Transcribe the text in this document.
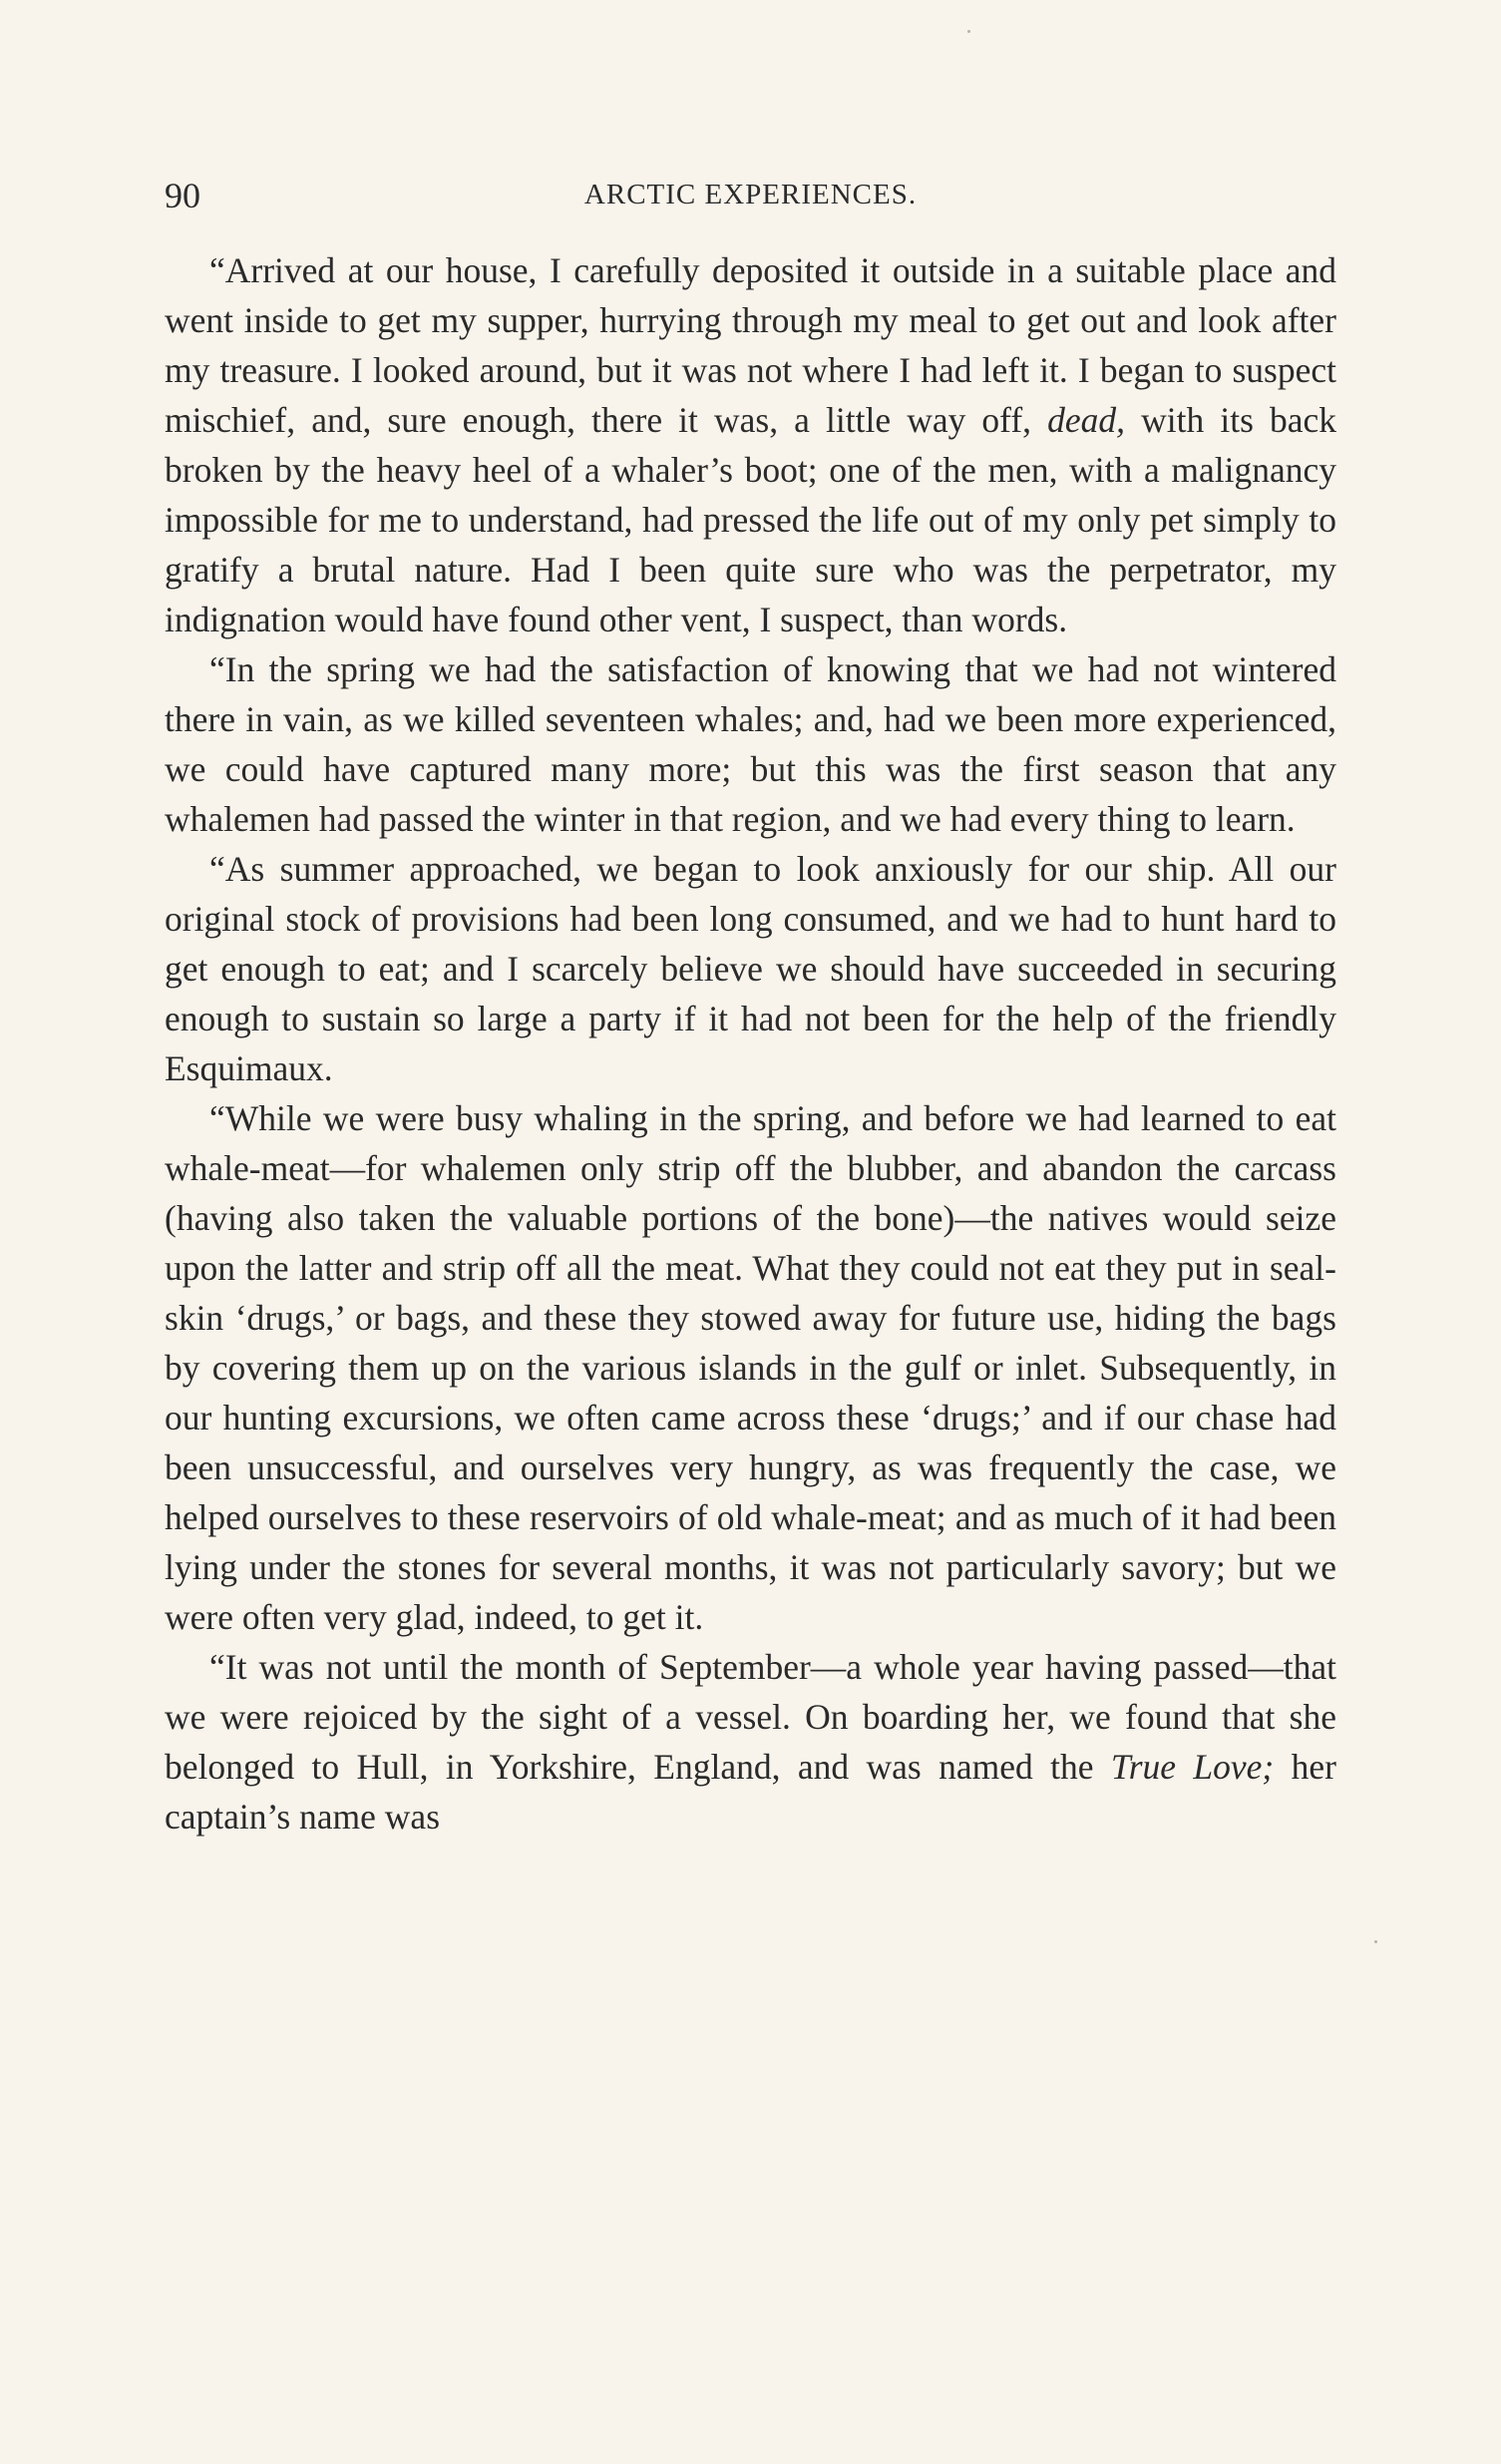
90	ARCTIC EXPERIENCES.

“Arrived at our house, I carefully deposited it outside in a suitable place and went inside to get my supper, hurrying through my meal to get out and look after my treasure. I looked around, but it was not where I had left it. I began to suspect mischief, and, sure enough, there it was, a little way off, dead, with its back broken by the heavy heel of a whaler’s boot; one of the men, with a malignancy impossible for me to understand, had pressed the life out of my only pet simply to gratify a brutal nature. Had I been quite sure who was the perpetrator, my indignation would have found other vent, I suspect, than words.

“In the spring we had the satisfaction of knowing that we had not wintered there in vain, as we killed seventeen whales; and, had we been more experienced, we could have captured many more; but this was the first season that any whalemen had passed the winter in that region, and we had every thing to learn.

“As summer approached, we began to look anxiously for our ship. All our original stock of provisions had been long consumed, and we had to hunt hard to get enough to eat; and I scarcely believe we should have succeeded in securing enough to sustain so large a party if it had not been for the help of the friendly Esquimaux.

“While we were busy whaling in the spring, and before we had learned to eat whale-meat—for whalemen only strip off the blubber, and abandon the carcass (having also taken the valuable portions of the bone)—the natives would seize upon the latter and strip off all the meat. What they could not eat they put in seal-skin ‘drugs,’ or bags, and these they stowed away for future use, hiding the bags by covering them up on the various islands in the gulf or inlet. Subsequently, in our hunting excursions, we often came across these ‘drugs;’ and if our chase had been unsuccessful, and ourselves very hungry, as was frequently the case, we helped ourselves to these reservoirs of old whale-meat; and as much of it had been lying under the stones for several months, it was not particularly savory; but we were often very glad, indeed, to get it.

“It was not until the month of September—a whole year having passed—that we were rejoiced by the sight of a vessel. On boarding her, we found that she belonged to Hull, in Yorkshire, England, and was named the True Love; her captain’s name was
